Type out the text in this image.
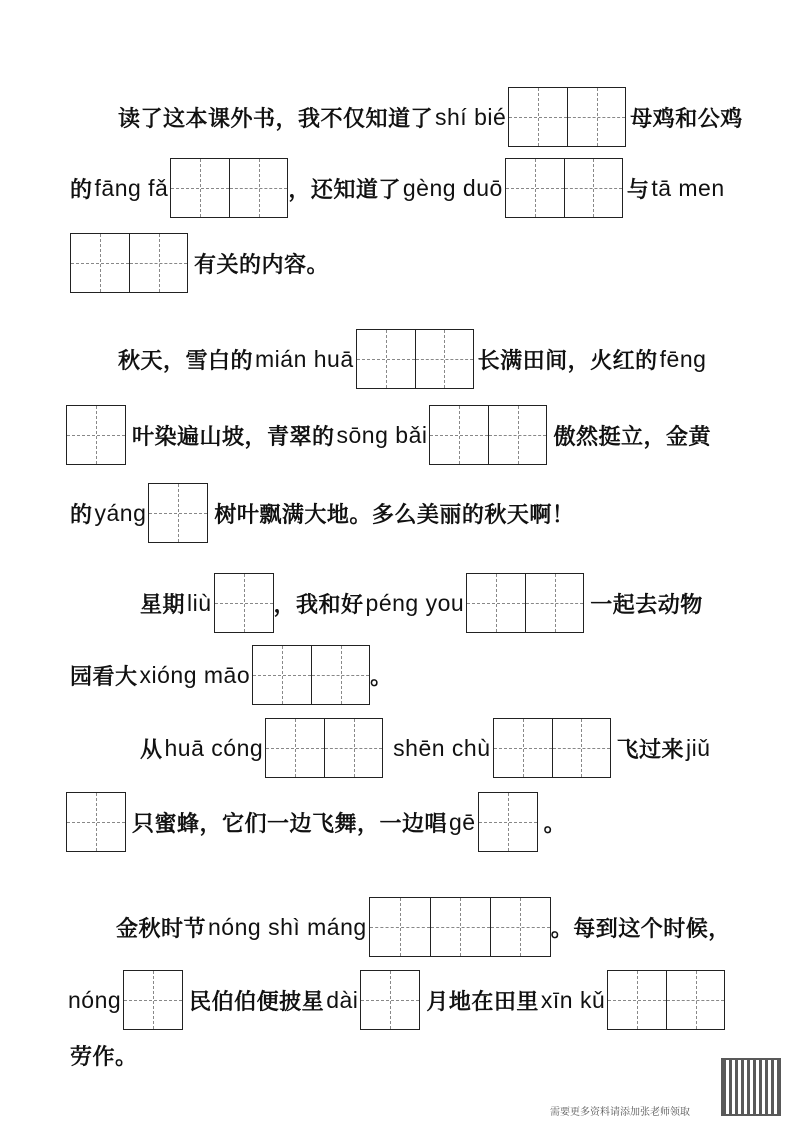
读了这本课外书，我不仅知道了 shí bié	母鸡和公鸡
的 fāng fǎ	，还知道了 gèng duō	与 tā men
有关的内容。
秋天，雪白的 mián huā	长满田间，火红的 fēng
叶染遍山坡，青翠的 sōng bǎi	傲然挺立，金黄
的 yáng	树叶飘满大地。多么美丽的秋天啊！
星期 liù	，我和好 péng you	一起去动物
园看大 xióng māo	。
从 huā cóng	shēn chù	飞过来 jiǔ
只蜜蜂，它们一边飞舞，一边唱 gē	。
金秋时节 nóng shì máng	。每到这个时候，
nóng	民伯伯便披星 dài	月地在田里 xīn kǔ
劳作。
需要更多资料请添加张老师领取
